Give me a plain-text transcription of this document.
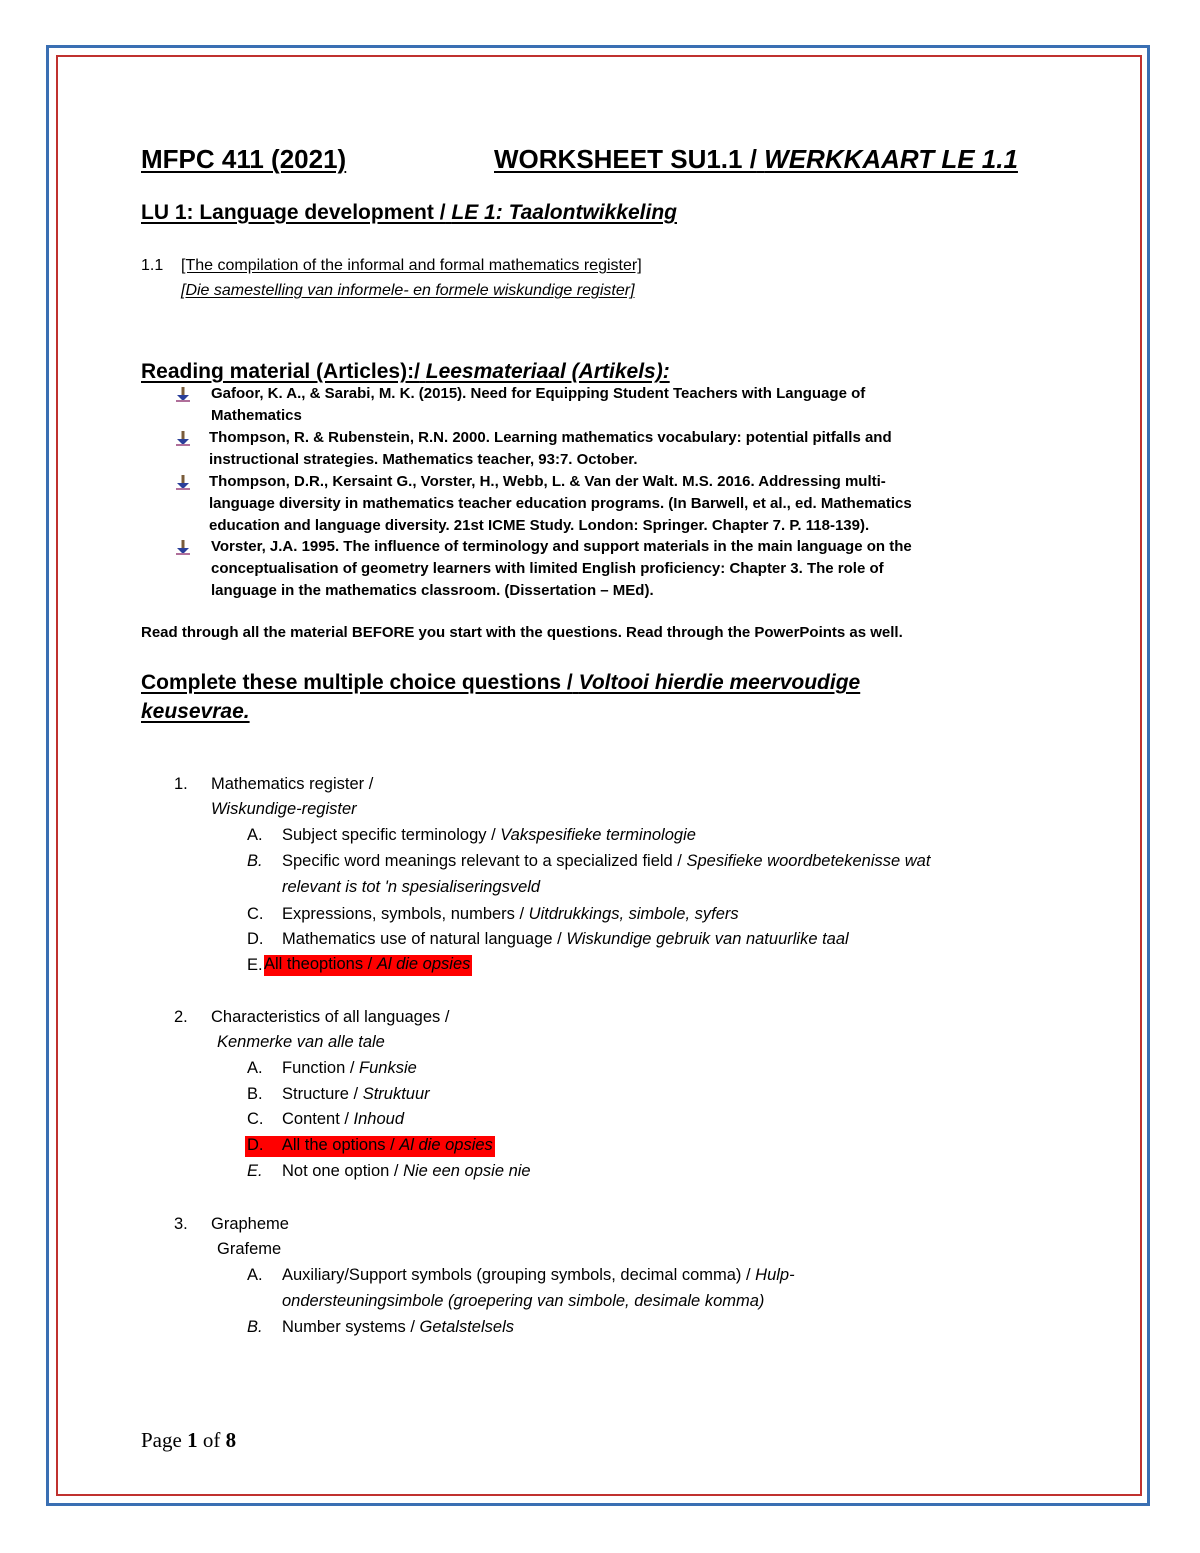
MFPC 411 (2021)	WORKSHEET SU1.1 / WERKKAART LE 1.1
LU 1: Language development / LE 1: Taalontwikkeling
1.1 [The compilation of the informal and formal mathematics register]
[Die samestelling van informele- en formele wiskundige register]
Reading material (Articles):/ Leesmateriaal (Artikels):
Gafoor, K. A., & Sarabi, M. K. (2015). Need for Equipping Student Teachers with Language of
Mathematics
Thompson, R. & Rubenstein, R.N. 2000. Learning mathematics vocabulary: potential pitfalls and
instructional strategies. Mathematics teacher, 93:7. October.
Thompson, D.R., Kersaint G., Vorster, H., Webb, L. & Van der Walt. M.S. 2016. Addressing multi-
language diversity in mathematics teacher education programs. (In Barwell, et al., ed. Mathematics
education and language diversity. 21st ICME Study. London: Springer. Chapter 7. P. 118-139).
Vorster, J.A. 1995. The influence of terminology and support materials in the main language on the
conceptualisation of geometry learners with limited English proficiency: Chapter 3. The role of
language in the mathematics classroom. (Dissertation – MEd).
Read through all the material BEFORE you start with the questions. Read through the PowerPoints as well.
Complete these multiple choice questions / Voltooi hierdie meervoudige
keusevrae.
1. Mathematics register /
Wiskundige-register
A. Subject specific terminology / Vakspesifieke terminologie
B. Specific word meanings relevant to a specialized field / Spesifieke woordbetekenisse wat
relevant is tot 'n spesialiseringsveld
C. Expressions, symbols, numbers / Uitdrukkings, simbole, syfers
D. Mathematics use of natural language / Wiskundige gebruik van natuurlike taal
E. All theoptions / Al die opsies
2. Characteristics of all languages /
Kenmerke van alle tale
A. Function / Funksie
B. Structure / Struktuur
C. Content / Inhoud
D. All the options / Al die opsies
E. Not one option / Nie een opsie nie
3. Grapheme
Grafeme
A. Auxiliary/Support symbols (grouping symbols, decimal comma) / Hulp-
ondersteuningsimbole (groepering van simbole, desimale komma)
B. Number systems / Getalstelsels
Page 1 of 8
